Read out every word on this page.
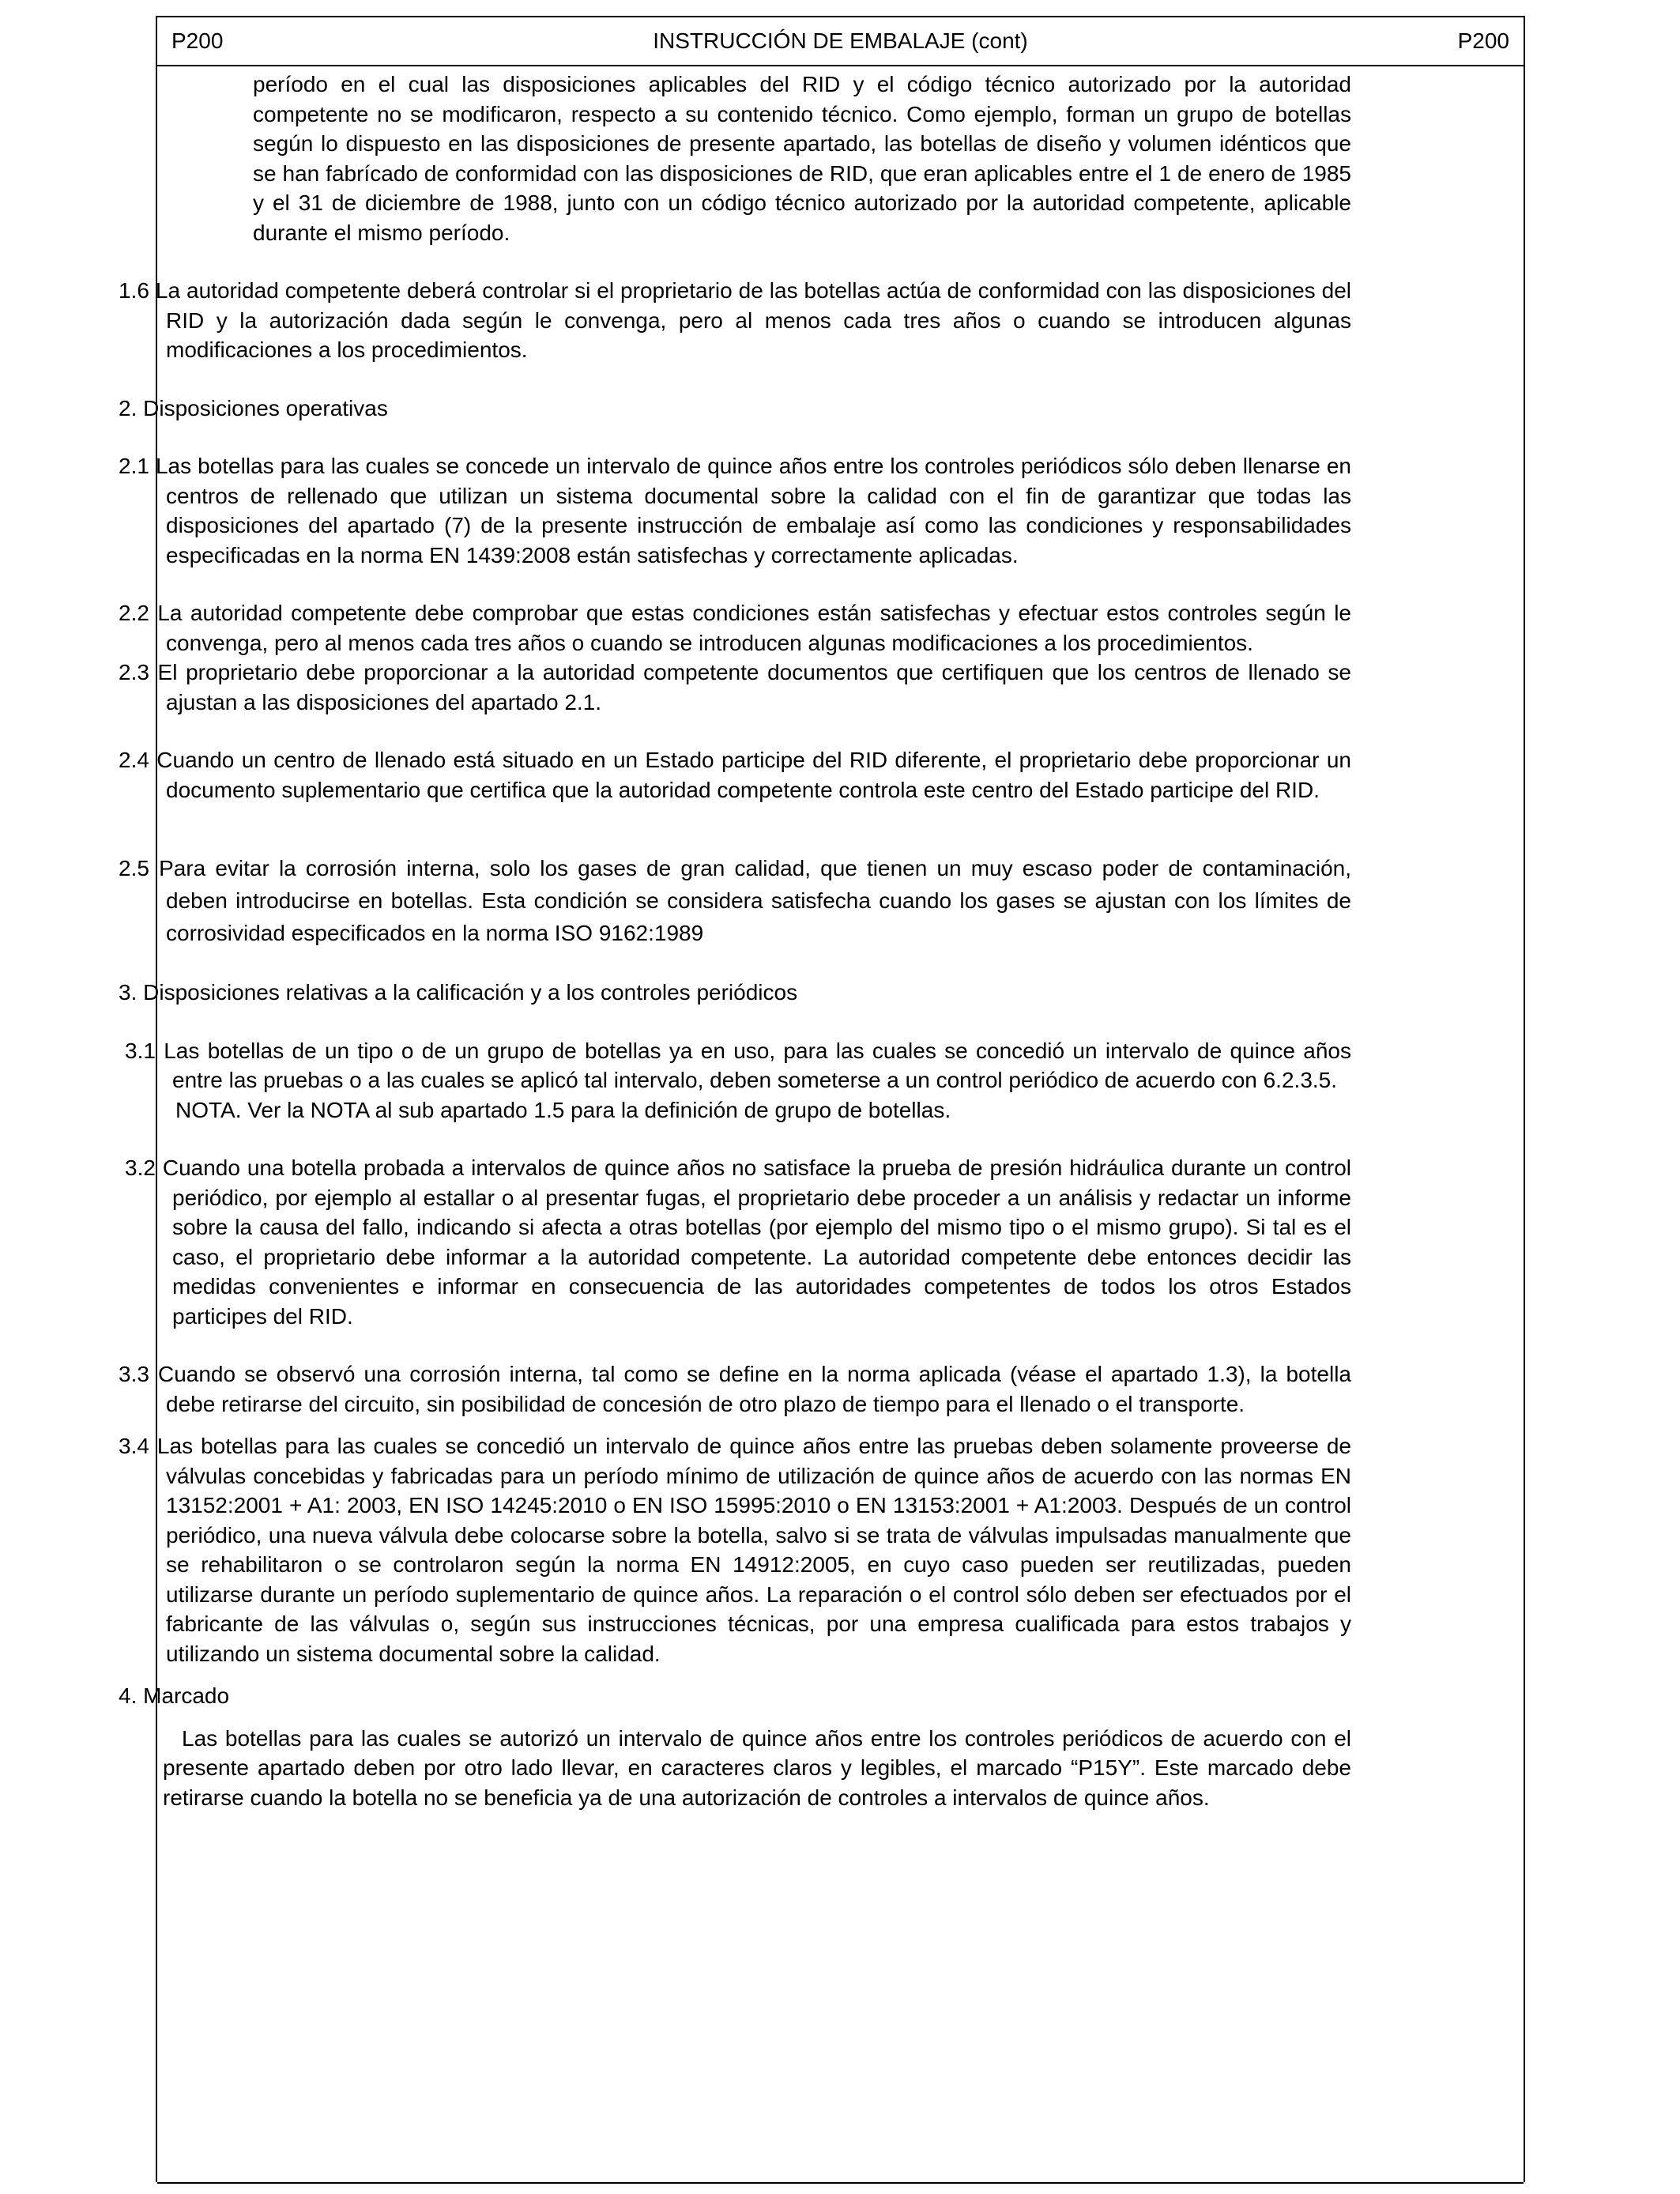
P200	INSTRUCCIÓN DE EMBALAJE (cont)	P200

período en el cual las disposiciones aplicables del RID y el código técnico autorizado por la autoridad competente no se modificaron, respecto a su contenido técnico. Como ejemplo, forman un grupo de botellas según lo dispuesto en las disposiciones de presente apartado, las botellas de diseño y volumen idénticos que se han fabrícado de conformidad con las disposiciones de RID, que eran aplicables entre el 1 de enero de 1985 y el 31 de diciembre de 1988, junto con un código técnico autorizado por la autoridad competente, aplicable durante el mismo período.

1.6 La autoridad competente deberá controlar si el proprietario de las botellas actúa de conformidad con las disposiciones del RID y la autorización dada según le convenga, pero al menos cada tres años o cuando se introducen algunas modificaciones a los procedimientos.

2. Disposiciones operativas

2.1 Las botellas para las cuales se concede un intervalo de quince años entre los controles periódicos sólo deben llenarse en centros de rellenado que utilizan un sistema documental sobre la calidad con el fin de garantizar que todas las disposiciones del apartado (7) de la presente instrucción de embalaje así como las condiciones y responsabilidades especificadas en la norma EN 1439:2008 están satisfechas y correctamente aplicadas.

2.2 La autoridad competente debe comprobar que estas condiciones están satisfechas y efectuar estos controles según le convenga, pero al menos cada tres años o cuando se introducen algunas modificaciones a los procedimientos.

2.3 El proprietario debe proporcionar a la autoridad competente documentos que certifiquen que los centros de llenado se ajustan a las disposiciones del apartado 2.1.

2.4 Cuando un centro de llenado está situado en un Estado participe del RID diferente, el proprietario debe proporcionar un documento suplementario que certifica que la autoridad competente controla este centro del Estado participe del RID.

2.5 Para evitar la corrosión interna, solo los gases de gran calidad, que tienen un muy escaso poder de contaminación, deben introducirse en botellas. Esta condición se considera satisfecha cuando los gases se ajustan con los límites de corrosividad especificados en la norma ISO 9162:1989

3. Disposiciones relativas a la calificación y a los controles periódicos

3.1 Las botellas de un tipo o de un grupo de botellas ya en uso, para las cuales se concedió un intervalo de quince años entre las pruebas o a las cuales se aplicó tal intervalo, deben someterse a un control periódico de acuerdo con 6.2.3.5.

NOTA. Ver la NOTA al sub apartado 1.5 para la definición de grupo de botellas.

3.2 Cuando una botella probada a intervalos de quince años no satisface la prueba de presión hidráulica durante un control periódico, por ejemplo al estallar o al presentar fugas, el proprietario debe proceder a un análisis y redactar un informe sobre la causa del fallo, indicando si afecta a otras botellas (por ejemplo del mismo tipo o el mismo grupo). Si tal es el caso, el proprietario debe informar a la autoridad competente. La autoridad competente debe entonces decidir las medidas convenientes e informar en consecuencia de las autoridades competentes de todos los otros Estados participes del RID.

3.3 Cuando se observó una corrosión interna, tal como se define en la norma aplicada (véase el apartado 1.3), la botella debe retirarse del circuito, sin posibilidad de concesión de otro plazo de tiempo para el llenado o el transporte.

3.4 Las botellas para las cuales se concedió un intervalo de quince años entre las pruebas deben solamente proveerse de válvulas concebidas y fabricadas para un período mínimo de utilización de quince años de acuerdo con las normas EN 13152:2001 + A1: 2003, EN ISO 14245:2010 o EN ISO 15995:2010 o EN 13153:2001 + A1:2003. Después de un control periódico, una nueva válvula debe colocarse sobre la botella, salvo si se trata de válvulas impulsadas manualmente que se rehabilitaron o se controlaron según la norma EN 14912:2005, en cuyo caso pueden ser reutilizadas, pueden utilizarse durante un período suplementario de quince años. La reparación o el control sólo deben ser efectuados por el fabricante de las válvulas o, según sus instrucciones técnicas, por una empresa cualificada para estos trabajos y utilizando un sistema documental sobre la calidad.

4. Marcado

Las botellas para las cuales se autorizó un intervalo de quince años entre los controles periódicos de acuerdo con el presente apartado deben por otro lado llevar, en caracteres claros y legibles, el marcado “P15Y”. Este marcado debe retirarse cuando la botella no se beneficia ya de una autorización de controles a intervalos de quince años.
